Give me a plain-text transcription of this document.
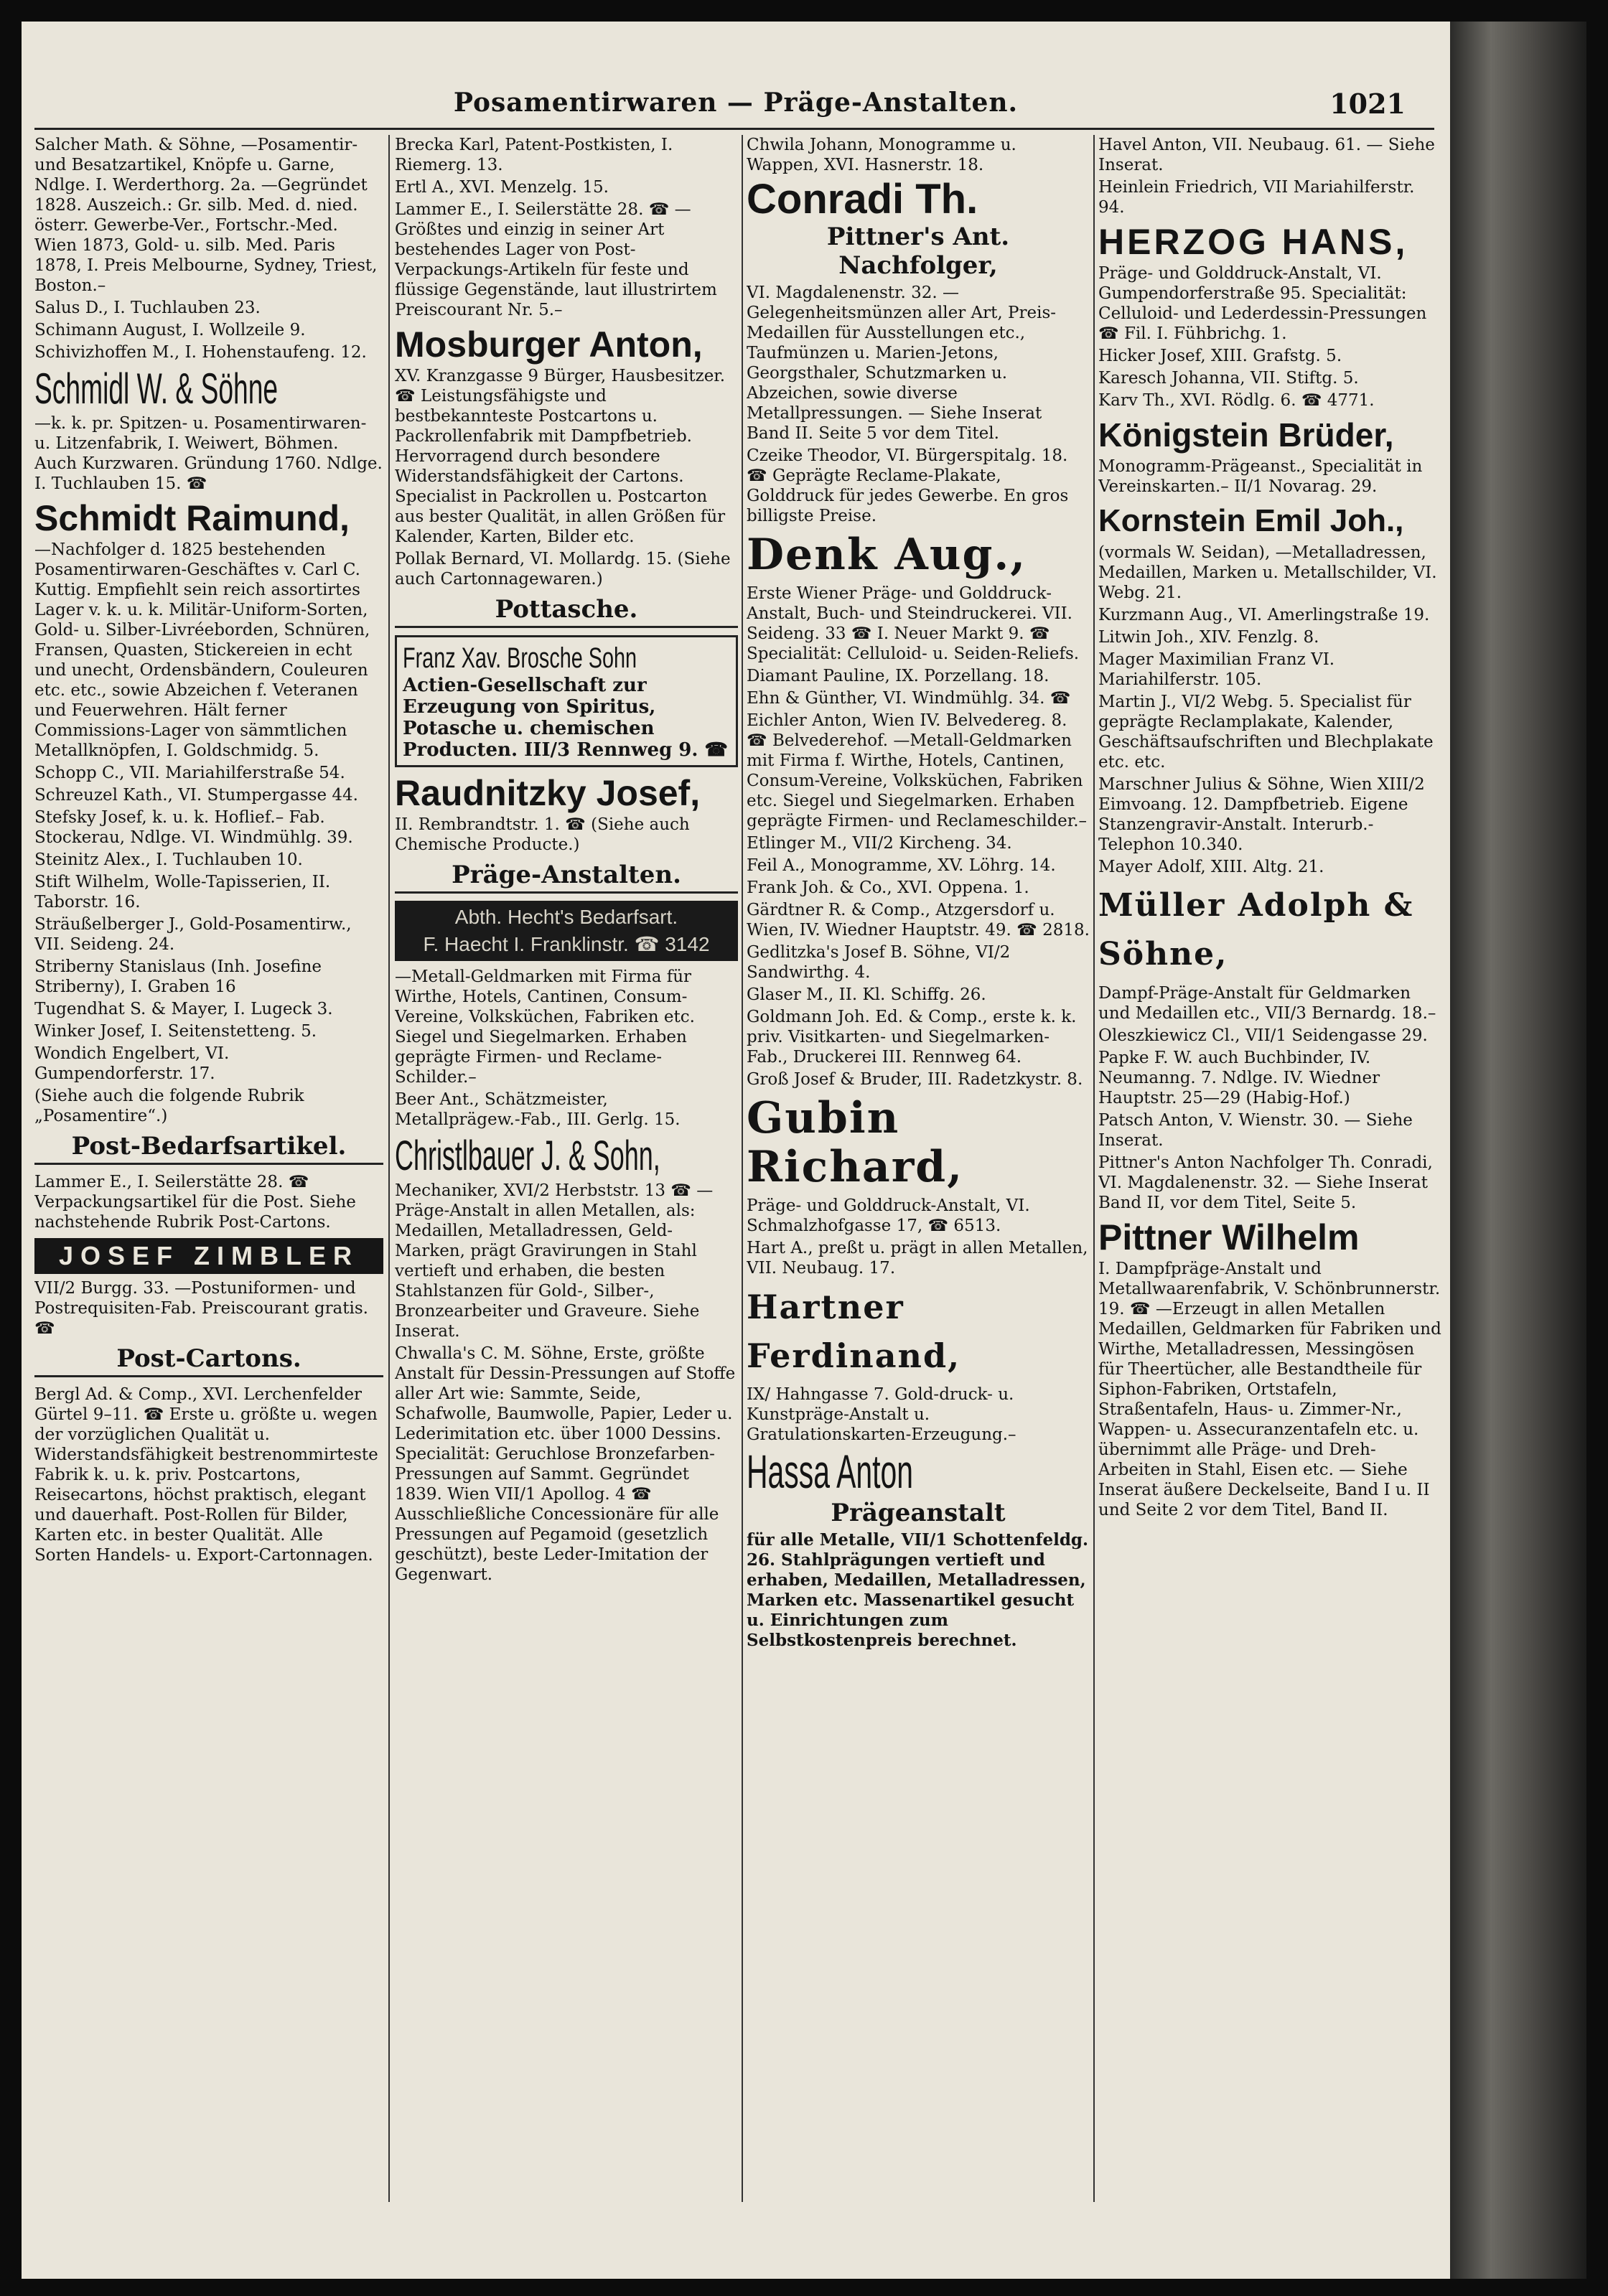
Posamentirwaren — Präge-Anstalten.	1021

Salcher Math. & Söhne, —Posamentir- und Besatzartikel, Knöpfe u. Garne, Ndlge. I. Werderthorg. 2a. —Gegründet 1828. Auszeich.: Gr. silb. Med. d. nied. österr. Gewerbe-Ver., Fortschr.-Med. Wien 1873, Gold- u. silb. Med. Paris 1878, I. Preis Melbourne, Sydney, Triest, Boston.–

Salus D., I. Tuchlauben 23.

Schimann August, I. Wollzeile 9.

Schivizhoffen M., I. Hohenstaufeng. 12.

Schmidl W. & Söhne

—k. k. pr. Spitzen- u. Posamentirwaren- u. Litzenfabrik, I. Weiwert, Böhmen. Auch Kurzwaren. Gründung 1760. Ndlge. I. Tuchlauben 15. ☎

Schmidt Raimund,

—Nachfolger d. 1825 bestehenden Posamentirwaren-Geschäftes v. Carl C. Kuttig. Empfiehlt sein reich assortirtes Lager v. k. u. k. Militär-Uniform-Sorten, Gold- u. Silber-Livréeborden, Schnüren, Fransen, Quasten, Stickereien in echt und unecht, Ordensbändern, Couleuren etc. etc., sowie Abzeichen f. Veteranen und Feuerwehren. Hält ferner Commissions-Lager von sämmtlichen Metallknöpfen, I. Goldschmidg. 5.

Schopp C., VII. Mariahilferstraße 54.

Schreuzel Kath., VI. Stumpergasse 44.

Stefsky Josef, k. u. k. Hoflief.– Fab. Stockerau, Ndlge. VI. Windmühlg. 39.

Steinitz Alex., I. Tuchlauben 10.

Stift Wilhelm, Wolle-Tapisserien, II. Taborstr. 16.

Sträußelberger J., Gold-Posamentirw., VII. Seideng. 24.

Striberny Stanislaus (Inh. Josefine Striberny), I. Graben 16

Tugendhat S. & Mayer, I. Lugeck 3.

Winker Josef, I. Seitenstetteng. 5.

Wondich Engelbert, VI. Gumpendorferstr. 17.

(Siehe auch die folgende Rubrik „Posamentire“.)

Post-Bedarfsartikel.

Lammer E., I. Seilerstätte 28. ☎ Verpackungsartikel für die Post. Siehe nachstehende Rubrik Post-Cartons.

JOSEF ZIMBLER

VII/2 Burgg. 33. —Postuniformen- und Postrequisiten-Fab. Preiscourant gratis. ☎

Post-Cartons.

Bergl Ad. & Comp., XVI. Lerchenfelder Gürtel 9–11. ☎ Erste u. größte u. wegen der vorzüglichen Qualität u. Widerstandsfähigkeit bestrenommirteste Fabrik k. u. k. priv. Postcartons, Reisecartons, höchst praktisch, elegant und dauerhaft. Post-Rollen für Bilder, Karten etc. in bester Qualität. Alle Sorten Handels- u. Export-Cartonnagen.

Brecka Karl, Patent-Postkisten, I. Riemerg. 13.

Ertl A., XVI. Menzelg. 15.

Lammer E., I. Seilerstätte 28. ☎ —Größtes und einzig in seiner Art bestehendes Lager von Post-Verpackungs-Artikeln für feste und flüssige Gegenstände, laut illustrirtem Preiscourant Nr. 5.–

Mosburger Anton,

XV. Kranzgasse 9 Bürger, Hausbesitzer. ☎ Leistungsfähigste und bestbekannteste Postcartons u. Packrollenfabrik mit Dampfbetrieb. Hervorragend durch besondere Widerstandsfähigkeit der Cartons. Specialist in Packrollen u. Postcarton aus bester Qualität, in allen Größen für Kalender, Karten, Bilder etc.

Pollak Bernard, VI. Mollardg. 15. (Siehe auch Cartonnagewaren.)

Pottasche.
Franz Xav. Brosche Sohn
Actien-Gesellschaft zur Erzeugung von Spiritus, Potasche u. chemischen Producten. III/3 Rennweg 9. ☎
Raudnitzky Josef,

II. Rembrandtstr. 1. ☎ (Siehe auch Chemische Producte.)

Präge-Anstalten.
Abth. Hecht's Bedarfsart.
F. Haecht I. Franklinstr. ☎ 3142

—Metall-Geldmarken mit Firma für Wirthe, Hotels, Cantinen, Consum-Vereine, Volksküchen, Fabriken etc. Siegel und Siegelmarken. Erhaben geprägte Firmen- und Reclame-Schilder.–

Beer Ant., Schätzmeister, Metallprägew.-Fab., III. Gerlg. 15.

Christlbauer J. & Sohn,

Mechaniker, XVI/2 Herbststr. 13 ☎ —Präge-Anstalt in allen Metallen, als: Medaillen, Metalladressen, Geld-Marken, prägt Gravirungen in Stahl vertieft und erhaben, die besten Stahlstanzen für Gold-, Silber-, Bronzearbeiter und Graveure. Siehe Inserat.

Chwalla's C. M. Söhne, Erste, größte Anstalt für Dessin-Pressungen auf Stoffe aller Art wie: Sammte, Seide, Schafwolle, Baumwolle, Papier, Leder u. Lederimitation etc. über 1000 Dessins. Specialität: Geruchlose Bronzefarben-Pressungen auf Sammt. Gegründet 1839. Wien VII/1 Apollog. 4 ☎ Ausschließliche Concessionäre für alle Pressungen auf Pegamoid (gesetzlich geschützt), beste Leder-Imitation der Gegenwart.

Chwila Johann, Monogramme u. Wappen, XVI. Hasnerstr. 18.

Conradi Th.
Pittner's Ant. Nachfolger,

VI. Magdalenenstr. 32. —Gelegenheitsmünzen aller Art, Preis-Medaillen für Ausstellungen etc., Taufmünzen u. Marien-Jetons, Georgsthaler, Schutzmarken u. Abzeichen, sowie diverse Metallpressungen. — Siehe Inserat Band II. Seite 5 vor dem Titel.

Czeike Theodor, VI. Bürgerspitalg. 18. ☎ Geprägte Reclame-Plakate, Golddruck für jedes Gewerbe. En gros billigste Preise.

Denk Aug.,

Erste Wiener Präge- und Golddruck-Anstalt, Buch- und Steindruckerei. VII. Seideng. 33 ☎ I. Neuer Markt 9. ☎ Specialität: Celluloid- u. Seiden-Reliefs.

Diamant Pauline, IX. Porzellang. 18.

Ehn & Günther, VI. Windmühlg. 34. ☎

Eichler Anton, Wien IV. Belvedereg. 8. ☎ Belvederehof. —Metall-Geldmarken mit Firma f. Wirthe, Hotels, Cantinen, Consum-Vereine, Volksküchen, Fabriken etc. Siegel und Siegelmarken. Erhaben geprägte Firmen- und Reclameschilder.–

Etlinger M., VII/2 Kircheng. 34.

Feil A., Monogramme, XV. Löhrg. 14.

Frank Joh. & Co., XVI. Oppena. 1.

Gärdtner R. & Comp., Atzgersdorf u. Wien, IV. Wiedner Hauptstr. 49. ☎ 2818.

Gedlitzka's Josef B. Söhne, VI/2 Sandwirthg. 4.

Glaser M., II. Kl. Schiffg. 26.

Goldmann Joh. Ed. & Comp., erste k. k. priv. Visitkarten- und Siegelmarken-Fab., Druckerei III. Rennweg 64.

Groß Josef & Bruder, III. Radetzkystr. 8.

Gubin Richard,

Präge- und Golddruck-Anstalt, VI. Schmalzhofgasse 17, ☎ 6513.

Hart A., preßt u. prägt in allen Metallen, VII. Neubaug. 17.

Hartner Ferdinand,

IX/ Hahngasse 7. Gold-druck- u. Kunstpräge-Anstalt u. Gratulationskarten-Erzeugung.–

Hassa Anton
Prägeanstalt

für alle Metalle, VII/1 Schottenfeldg. 26. Stahlprägungen vertieft und erhaben, Medaillen, Metalladressen, Marken etc. Massenartikel gesucht u. Einrichtungen zum Selbstkostenpreis berechnet.

Havel Anton, VII. Neubaug. 61. — Siehe Inserat.

Heinlein Friedrich, VII Mariahilferstr. 94.

HERZOG HANS,

Präge- und Golddruck-Anstalt, VI. Gumpendorferstraße 95. Specialität: Celluloid- und Lederdessin-Pressungen ☎ Fil. I. Fühbrichg. 1.

Hicker Josef, XIII. Grafstg. 5.

Karesch Johanna, VII. Stiftg. 5.

Karv Th., XVI. Rödlg. 6. ☎ 4771.

Königstein Brüder,

Monogramm-Prägeanst., Specialität in Vereinskarten.– II/1 Novarag. 29.

Kornstein Emil Joh.,

(vormals W. Seidan), —Metalladressen, Medaillen, Marken u. Metallschilder, VI. Webg. 21.

Kurzmann Aug., VI. Amerlingstraße 19.

Litwin Joh., XIV. Fenzlg. 8.

Mager Maximilian Franz VI. Mariahilferstr. 105.

Martin J., VI/2 Webg. 5. Specialist für geprägte Reclamplakate, Kalender, Geschäftsaufschriften und Blechplakate etc. etc.

Marschner Julius & Söhne, Wien XIII/2 Eimvoang. 12. Dampfbetrieb. Eigene Stanzengravir-Anstalt. Interurb.-Telephon 10.340.

Mayer Adolf, XIII. Altg. 21.

Müller Adolph & Söhne,

Dampf-Präge-Anstalt für Geldmarken und Medaillen etc., VII/3 Bernardg. 18.–

Oleszkiewicz Cl., VII/1 Seidengasse 29.

Papke F. W. auch Buchbinder, IV. Neumanng. 7. Ndlge. IV. Wiedner Hauptstr. 25—29 (Habig-Hof.)

Patsch Anton, V. Wienstr. 30. — Siehe Inserat.

Pittner's Anton Nachfolger Th. Conradi, VI. Magdalenenstr. 32. — Siehe Inserat Band II, vor dem Titel, Seite 5.

Pittner Wilhelm

I. Dampfpräge-Anstalt und Metallwaarenfabrik, V. Schönbrunnerstr. 19. ☎ —Erzeugt in allen Metallen Medaillen, Geldmarken für Fabriken und Wirthe, Metalladressen, Messingösen für Theertücher, alle Bestandtheile für Siphon-Fabriken, Ortstafeln, Straßentafeln, Haus- u. Zimmer-Nr., Wappen- u. Assecuranzentafeln etc. u. übernimmt alle Präge- und Dreh-Arbeiten in Stahl, Eisen etc. — Siehe Inserat äußere Deckelseite, Band I u. II und Seite 2 vor dem Titel, Band II.
